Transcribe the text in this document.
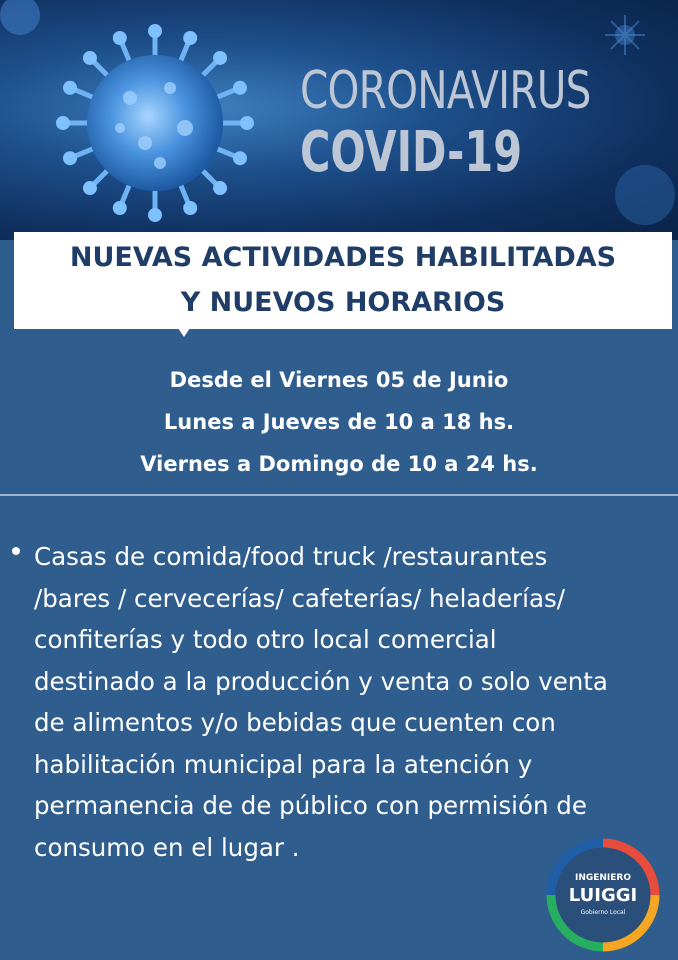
CORONAVIRUS
COVID-19
NUEVAS ACTIVIDADES HABILITADAS
Y NUEVOS HORARIOS
Desde el Viernes 05 de Junio
Lunes a Jueves de 10 a 18 hs.
Viernes a Domingo de 10 a 24 hs.
Casas de comida/food truck /restaurantes
/bares / cervecerías/ cafeterías/ heladerías/
confiterías y todo otro local comercial
destinado a la producción y venta o solo venta
de alimentos y/o bebidas que cuenten con
habilitación municipal para la atención y
permanencia de de público con permisión de
consumo en el lugar .
INGENIERO
LUIGGI
Gobierno Local
